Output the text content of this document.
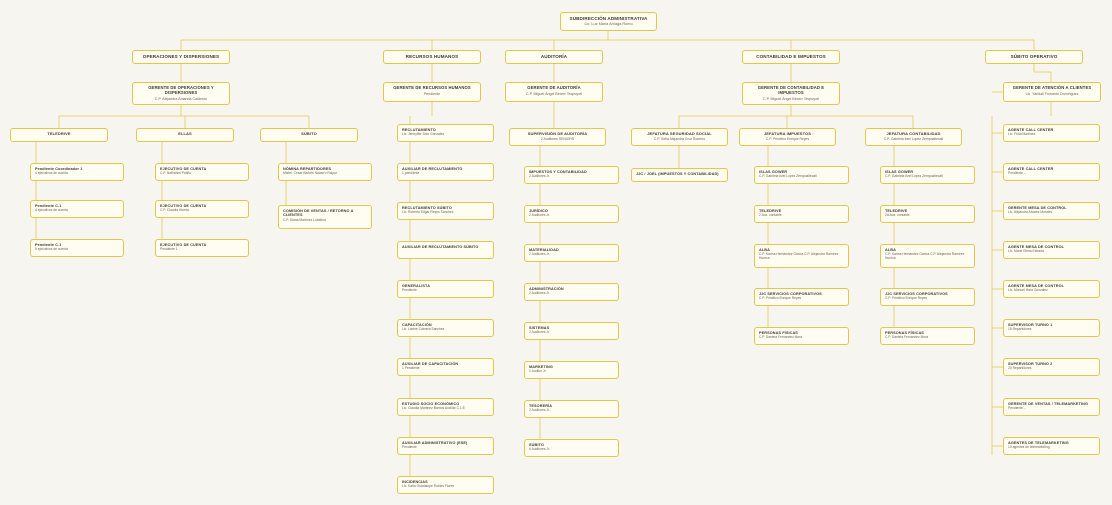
SUBDIRECCIÓN ADMINISTRATIVA
Lic. Luz María Arriaga Romo
OPERACIONES Y DISPERSIONES	RECURSOS HUMANOS	AUDITORÍA	CONTABILIDAD E IMPUESTOS	SÚBITO OPERATIVO
GERENTE DE OPERACIONES Y DISPERSIONES
C.P. Alejandra Amanda Calderón
GERENTE DE RECURSOS HUMANOS
Pendiente
GERENTE DE AUDITORÍA
C.P. Miguel Ángel Bécerr Tecpoyotl
GERENTE DE CONTABILIDAD E IMPUESTOS
C.P. Miguel Ángel Bécerr Tecpoyotl
GERENTE DE ATENCIÓN A CLIENTES
Lic. Yaridali Fumanto Domínguez
TELEDRIVE	ELLAS	SÚBITO
Pendiente Coordinador 1
4 ejecutivos de cuenta
Pendiente C.1
4 ejecutivos de cuenta
Pendiente C.1
5 ejecutivos de cuenta
EJECUTIVO DE CUENTA
C.P. Nathaniel Patiño
EJECUTIVO DE CUENTA
C.P. Claudia Huerta
EJECUTIVO DE CUENTA
Pendiente 1
NÓMINA REPARTIDORES
Mtstel. Cesar Barbés Navarro Rolpur
COMISIÓN DE VENTAS / RETORNO A CLIENTES
C.P. Diana Martínez Lobatina
RECLUTAMIENTO
Lic. Jennyffer Soto Gonzalez
AUXILIAR DE RECLUTAMIENTO
1 pendiente
RECLUTAMIENTO SÚBITO
Lic. Roberto Edgar Reyes Sanchez
AUXILIAR DE RECLUTAMIENTO SÚBITO
GENERALISTA
Pendiente
CAPACITACIÓN
Lic. Lisene Cabrera Sanchez
AUXILIAR DE CAPACITACIÓN
1 Pendiente
ESTUDIO SOCIO ECONÓMICO
Lic. Claudia Martinez Barrios Auxiliar C.1.E
AUXILIAR ADMINISTRATIVO (ESE)
Pendiente
INCIDENCIAS
Lic. Karla Guadalupe Robles Flores
SUPERVISIÓN DE AUDITORÍA
2 Auditores SENIORS
IMPUESTOS Y CONTABILIDAD
2 Auditores Jr.
JURÍDICO
2 Auditores Jr.
MATERIALIDAD
2 Auditores Jr.
ADMINISTRACIÓN
2 Auditores Jr.
SISTEMAS
2 Auditores Jr.
MARKETING
1 Auditor Jr.
TESORERÍA
2 Auditores Jr.
SÚBITO
6 Auditores Jr.
JEFATURA SEGURIDAD SOCIAL
C.P. Sofía Alejandra Cruz Romero
J2C / JOEL (IMPUESTOS Y CONTABILIDAD)
JEFATURA IMPUESTOS
C.P. Primitivo Enrique Reyes
ISLAS GOWER
C.P. Gabriela Itzel Lopez Zempoaltecatl
TELEDRIVE
2 Aux. contable
ALBA
C.P. Karina Hernández García C.P. Alejandra Ramírez Huerca
J2C SERVICIOS CORPORATIVOS
C.P. Primitivo Enrique Reyes
PERSONAS FÍSICAS
C.P. Daniela Fernandez Mora
JEFATURA CONTABILIDAD
C.P. Gabriela Itzel Lopez Zempoaltecatl
ISLAS GOWER
C.P. Gabriela Itzel Lopez Zempoaltecatl
TELEDRIVE
2A Aux. contable
ALBA
C.P. Karina Hernández García C.P. Alejandra Ramírez Huerca
J2C SERVICIOS CORPORATIVOS
C.P. Primitivo Enrique Reyes
PERSONAS FÍSICAS
C.P. Daniela Fernandez Mora
AGENTE CALL CENTER
Lic. Frida Martinez
AGENTE CALL CENTER
Pendiente...
GERENTE MESA DE CONTROL
Lic. Alejandra Alvarez Morales
AGENTE MESA DE CONTROL
Lic. Marie Elena Estrada
AGENTE MESA DE CONTROL
Lic. Manuel Hara Gónzalez
SUPERVISOR TURNO 1
15 Repartidores
SUPERVISOR TURNO 2
20 Repartidores
GERENTE DE VENTAS / TELEMARKETING
Pendiente...
AGENTES DE TELEMARKETING
10 agentes de telemarketing
